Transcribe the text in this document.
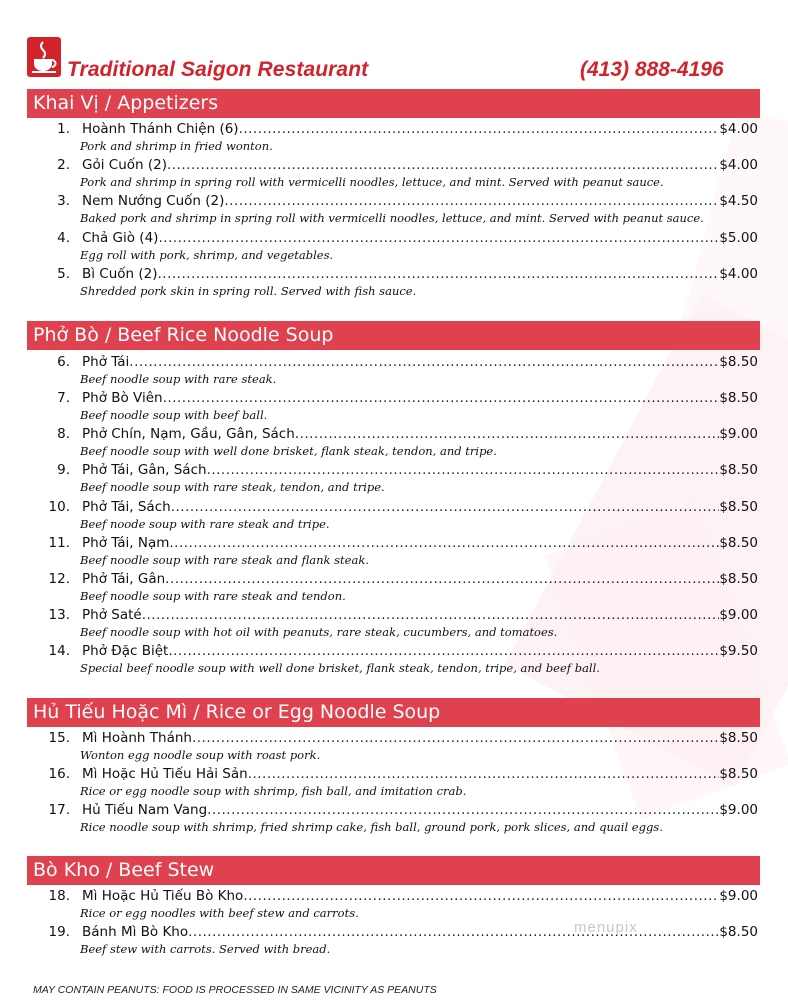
Traditional Saigon Restaurant	(413) 888-4196
Khai Vị / Appetizers
1. Hoành Thánh Chiện (6) .....	$4.00
Pork and shrimp in fried wonton.
2. Gỏi Cuốn (2) .....	$4.00
Pork and shrimp in spring roll with vermicelli noodles, lettuce, and mint. Served with peanut sauce.
3. Nem Nướng Cuốn (2) .....	$4.50
Baked pork and shrimp in spring roll with vermicelli noodles, lettuce, and mint. Served with peanut sauce.
4. Chả Giò (4) .....	$5.00
Egg roll with pork, shrimp, and vegetables.
5. Bì Cuốn (2) .....	$4.00
Shredded pork skin in spring roll. Served with fish sauce.
Phở Bò / Beef Rice Noodle Soup
6. Phở Tái .....	$8.50
Beef noodle soup with rare steak.
7. Phở Bò Viên .....	$8.50
Beef noodle soup with beef ball.
8. Phở Chín, Nạm, Gầu, Gân, Sách .....	$9.00
Beef noodle soup with well done brisket, flank steak, tendon, and tripe.
9. Phở Tái, Gân, Sách .....	$8.50
Beef noodle soup with rare steak, tendon, and tripe.
10. Phở Tái, Sách .....	$8.50
Beef noode soup with rare steak and tripe.
11. Phở Tái, Nạm .....	$8.50
Beef noodle soup with rare steak and flank steak.
12. Phở Tái, Gân .....	$8.50
Beef noodle soup with rare steak and tendon.
13. Phở Saté .....	$9.00
Beef noodle soup with hot oil with peanuts, rare steak, cucumbers, and tomatoes.
14. Phở Đặc Biệt .....	$9.50
Special beef noodle soup with well done brisket, flank steak, tendon, tripe, and beef ball.
Hủ Tiếu Hoặc Mì / Rice or Egg Noodle Soup
15. Mì Hoành Thánh .....	$8.50
Wonton egg noodle soup with roast pork.
16. Mì Hoặc Hủ Tiếu Hải Sản .....	$8.50
Rice or egg noodle soup with shrimp, fish ball, and imitation crab.
17. Hủ Tiếu Nam Vang .....	$9.00
Rice noodle soup with shrimp, fried shrimp cake, fish ball, ground pork, pork slices, and quail eggs.
Bò Kho / Beef Stew
18. Mì Hoặc Hủ Tiếu Bò Kho .....	$9.00
Rice or egg noodles with beef stew and carrots.
19. Bánh Mì Bò Kho .....	$8.50
Beef stew with carrots. Served with bread.
menupix
MAY CONTAIN PEANUTS: FOOD IS PROCESSED IN SAME VICINITY AS PEANUTS
